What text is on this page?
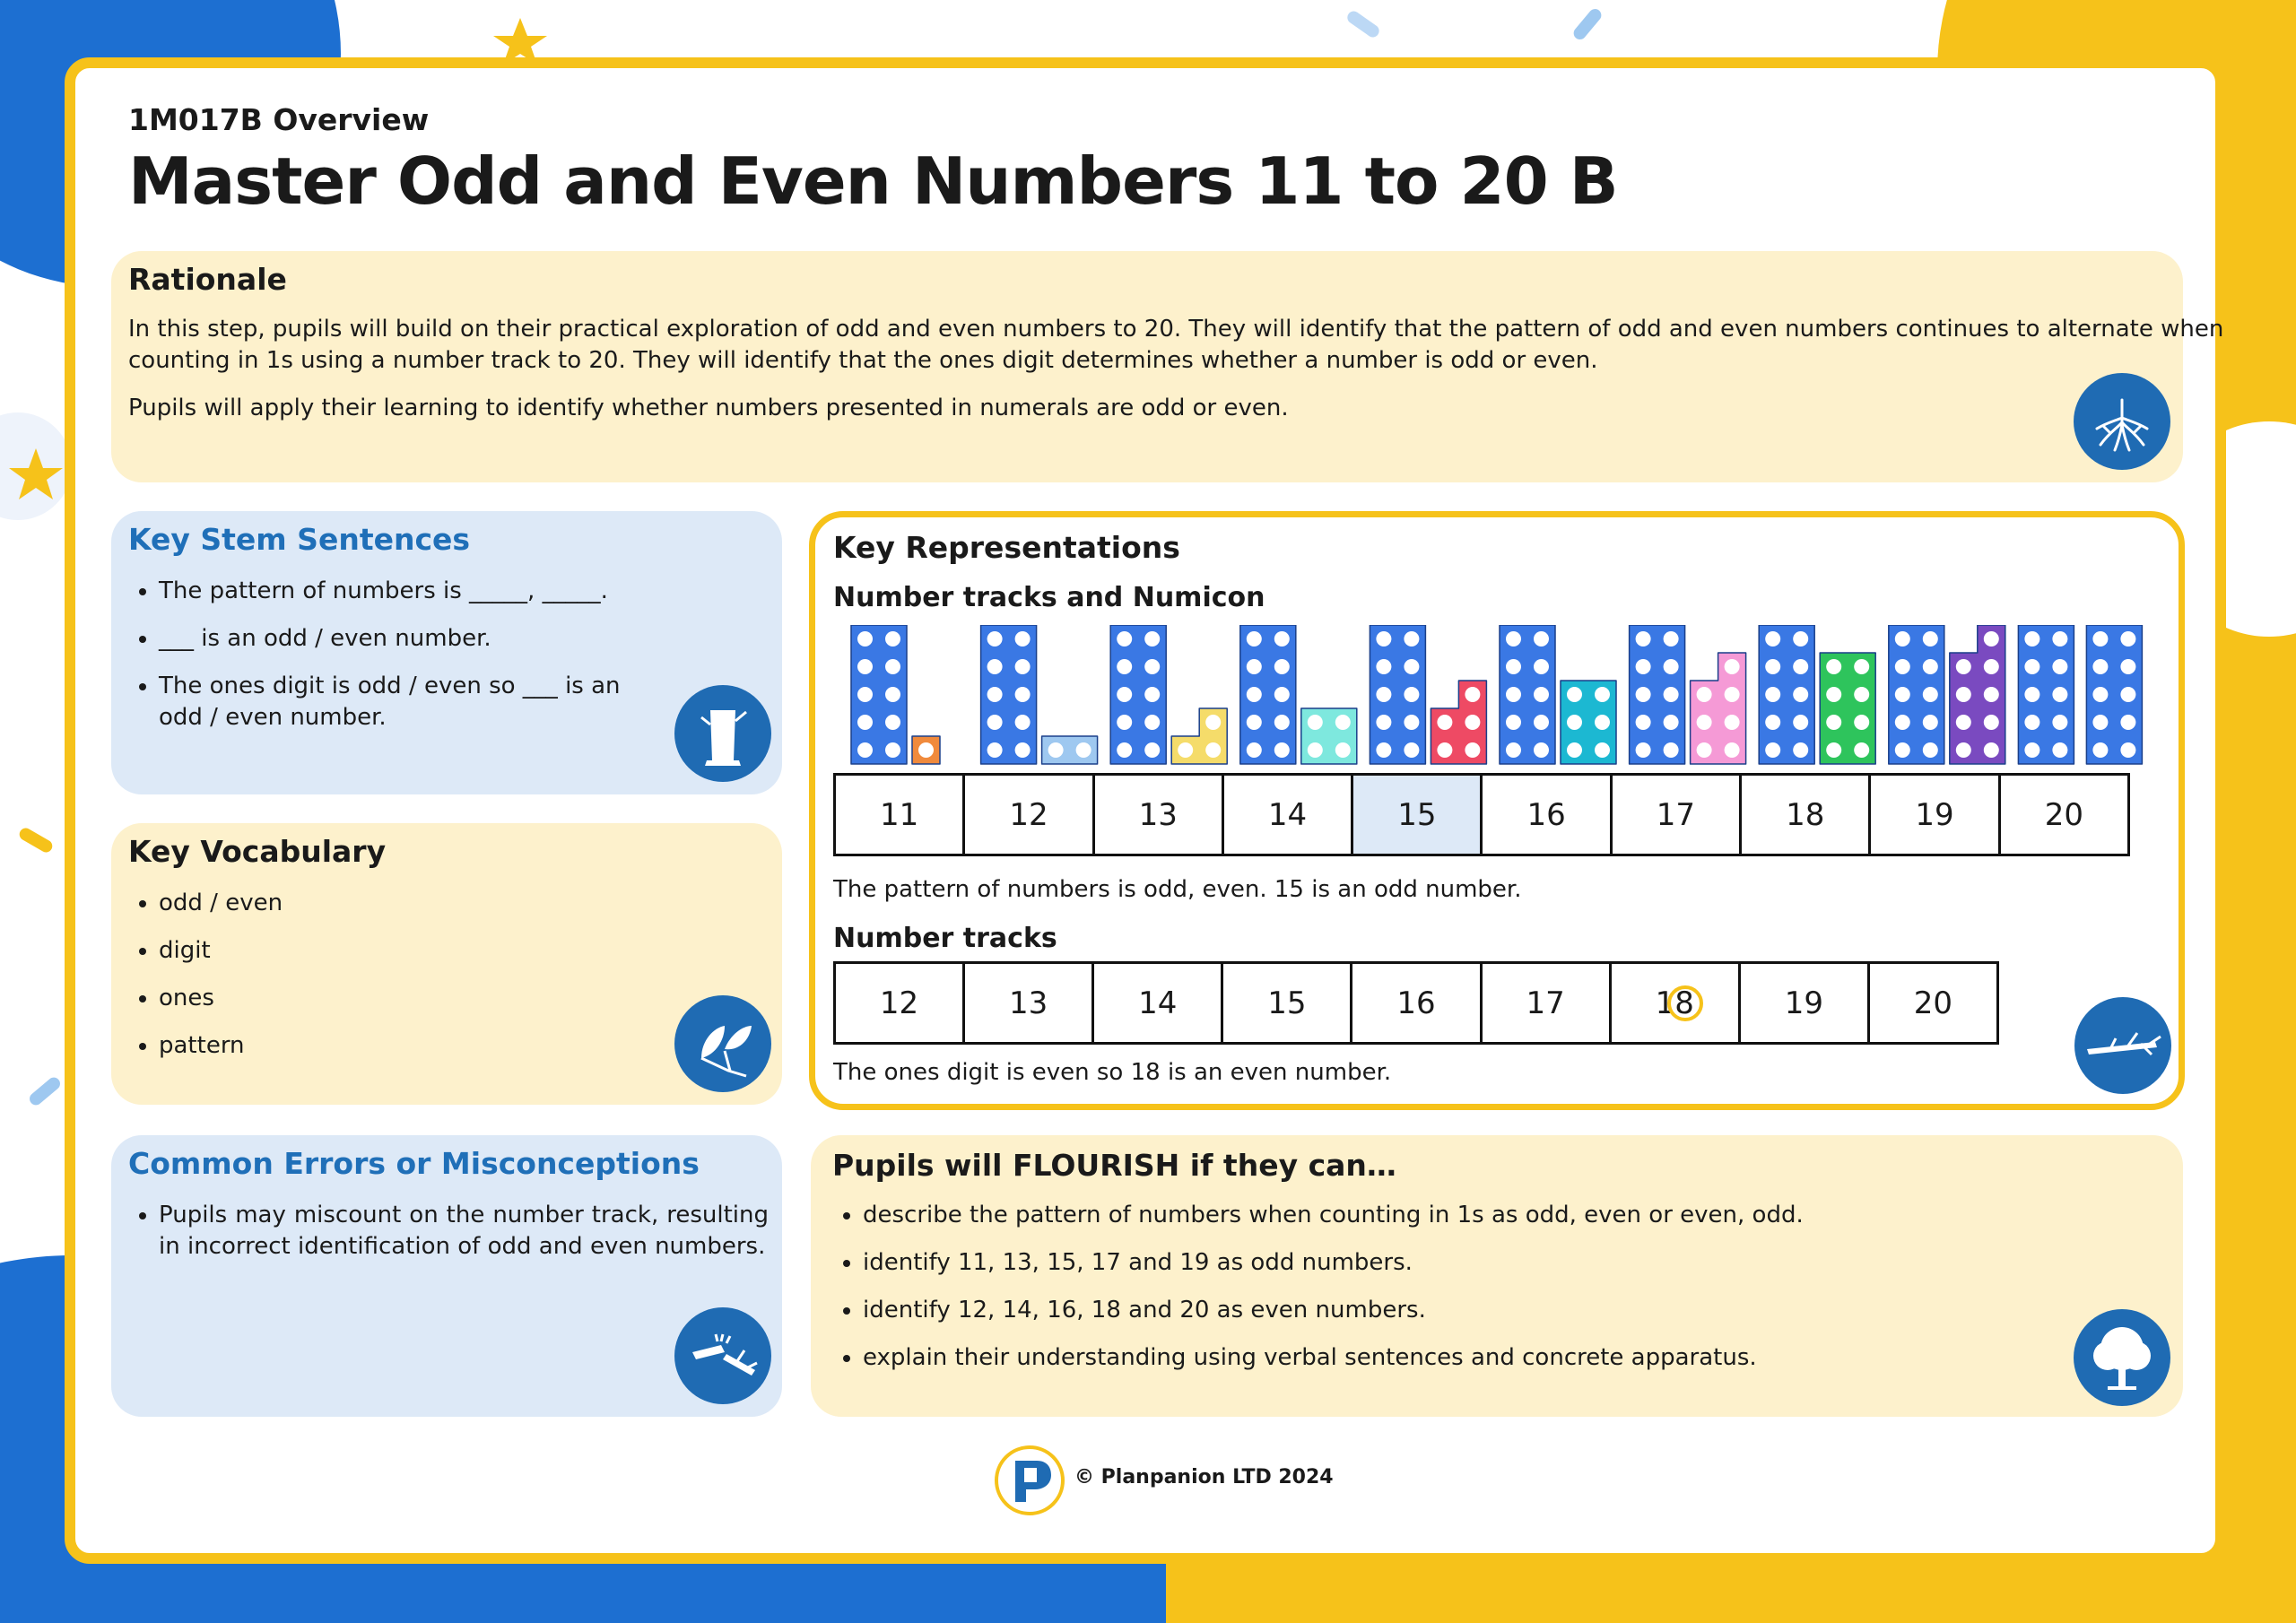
1M017B Overview
Master Odd and Even Numbers 11 to 20 B
Rationale
In this step, pupils will build on their practical exploration of odd and even numbers to 20. They will identify that the pattern of odd and even numbers continues to alternate when
counting in 1s using a number track to 20. They will identify that the ones digit determines whether a number is odd or even.
Pupils will apply their learning to identify whether numbers presented in numerals are odd or even.
Key Stem Sentences
• The pattern of numbers is _____, _____.
• ___ is an odd / even number.
• The ones digit is odd / even so ___ is an odd / even number.
Key Vocabulary
• odd / even
• digit
• ones
• pattern
Common Errors or Misconceptions
• Pupils may miscount on the number track, resulting in incorrect identification of odd and even numbers.
Key Representations
Number tracks and Numicon
11	12	13	14	15	16	17	18	19	20
The pattern of numbers is odd, even. 15 is an odd number.
Number tracks
12	13	14	15	16	17	18	19	20
The ones digit is even so 18 is an even number.
Pupils will FLOURISH if they can…
• describe the pattern of numbers when counting in 1s as odd, even or even, odd.
• identify 11, 13, 15, 17 and 19 as odd numbers.
• identify 12, 14, 16, 18 and 20 as even numbers.
• explain their understanding using verbal sentences and concrete apparatus.
© Planpanion LTD 2024
